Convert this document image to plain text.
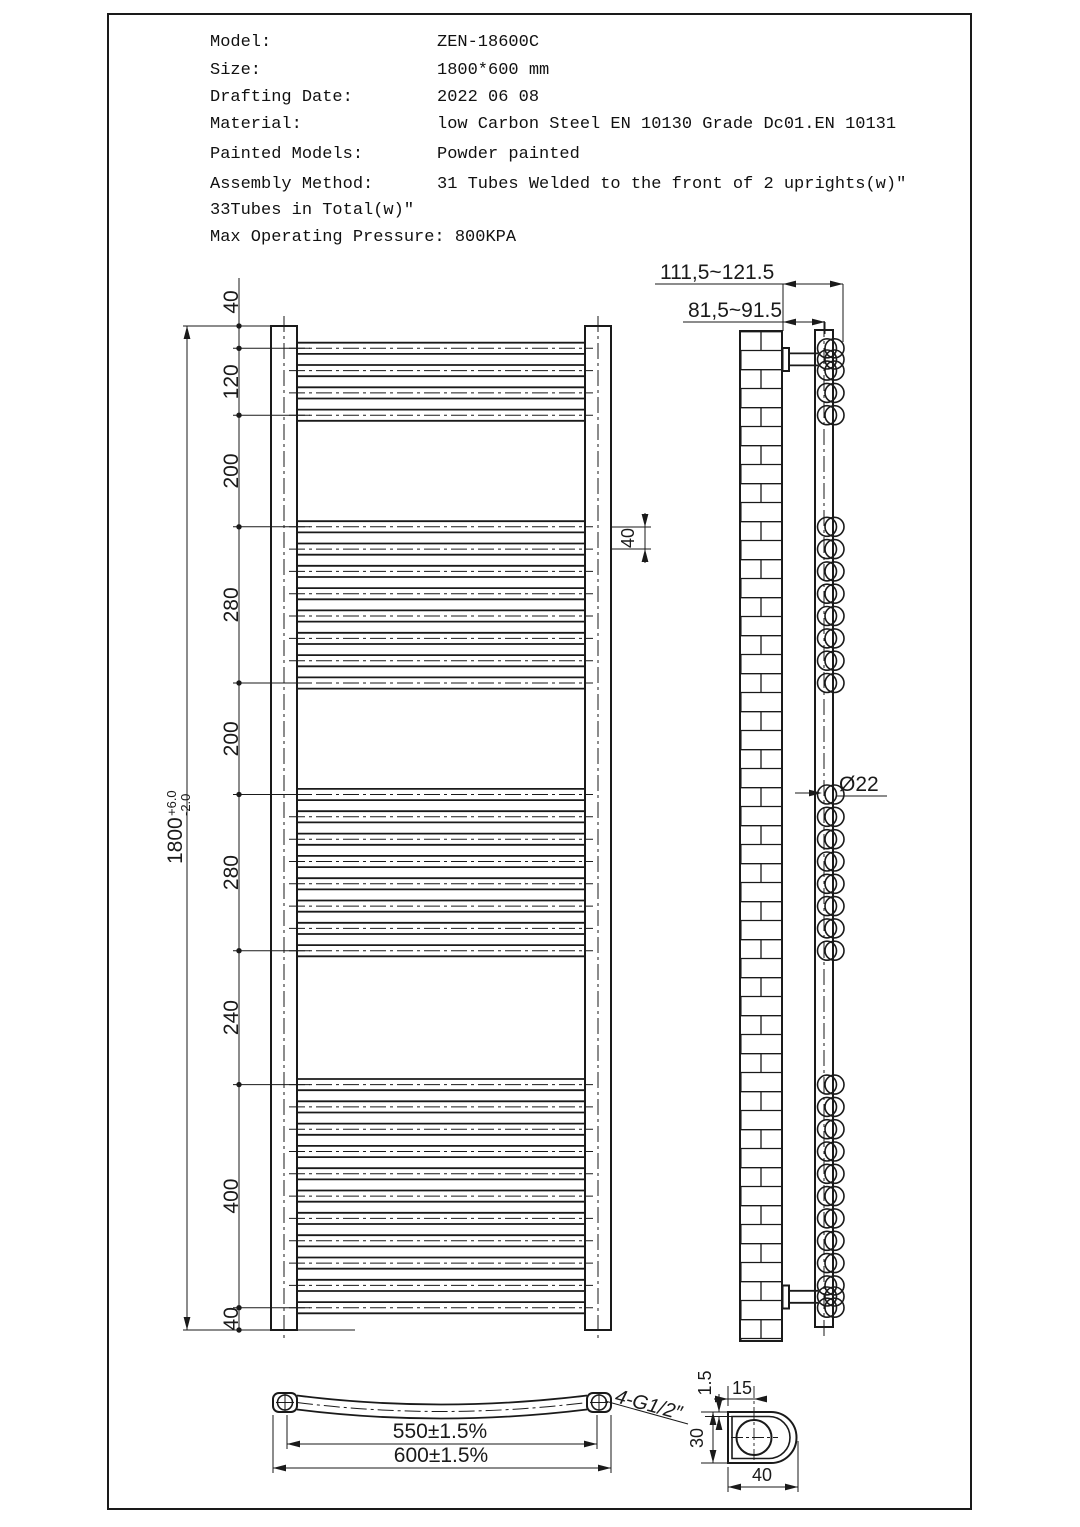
Model:	ZEN-18600C
Size:	1800*600 mm
Drafting Date:	2022 06 08
Material:	low Carbon Steel EN 10130 Grade Dc01.EN 10131
Painted Models:	Powder painted
Assembly Method:	31 Tubes Welded to the front of 2 uprights(w)″
33Tubes in Total(w)″
Max Operating Pressure: 800KPA
40
120
200
280
200
280
240
400
40
1800
+6.0 -2.0
40
111,5~121.5
81,5~91.5
Ø22
4-G1/2″
550±1.5%
600±1.5%
1.5 15
30
40
